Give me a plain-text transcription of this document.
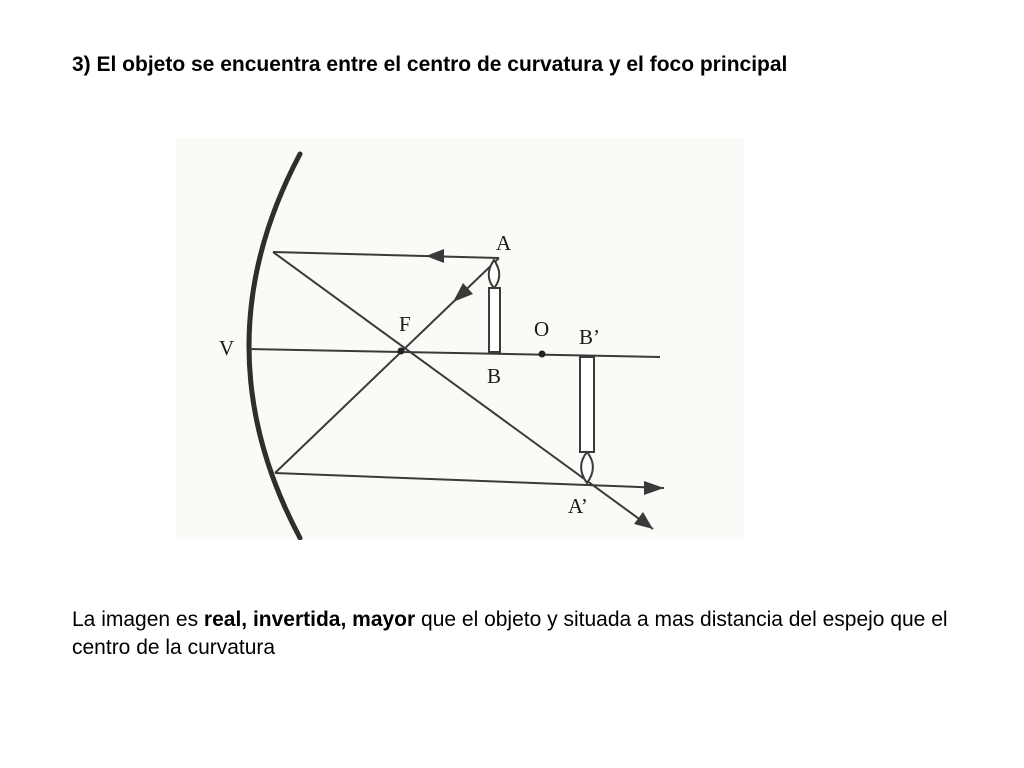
3) El objeto se encuentra entre el centro de curvatura y el foco principal
V
F	O
A
B
B’
A’
La imagen es real, invertida, mayor que el objeto y situada a mas distancia del espejo que el centro de la curvatura
